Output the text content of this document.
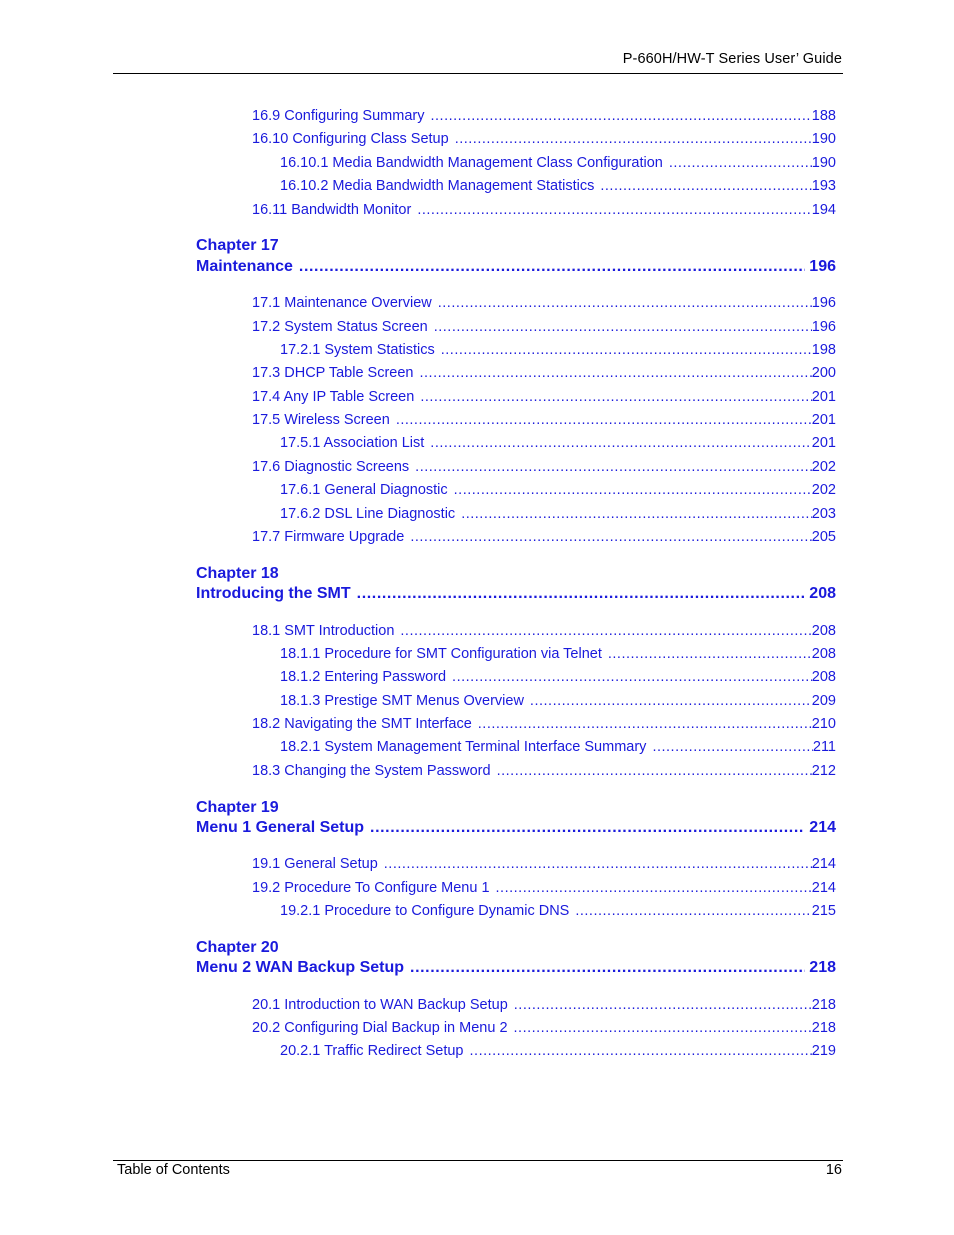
P-660H/HW-T Series User’ Guide
16.9 Configuring Summary .....	188
16.10 Configuring Class Setup .....	190
16.10.1 Media Bandwidth Management Class Configuration .....	190
16.10.2 Media Bandwidth Management Statistics .....	193
16.11 Bandwidth Monitor .....	194
Chapter 17
Maintenance .....	196
17.1 Maintenance Overview .....	196
17.2 System Status Screen .....	196
17.2.1 System Statistics .....	198
17.3 DHCP Table Screen .....	200
17.4 Any IP Table Screen .....	201
17.5 Wireless Screen .....	201
17.5.1 Association List .....	201
17.6 Diagnostic Screens .....	202
17.6.1 General Diagnostic .....	202
17.6.2 DSL Line Diagnostic .....	203
17.7 Firmware Upgrade .....	205
Chapter 18
Introducing the SMT .....	208
18.1 SMT Introduction .....	208
18.1.1 Procedure for SMT Configuration via Telnet .....	208
18.1.2 Entering Password .....	208
18.1.3 Prestige SMT Menus Overview .....	209
18.2 Navigating the SMT Interface .....	210
18.2.1 System Management Terminal Interface Summary .....	211
18.3 Changing the System Password .....	212
Chapter 19
Menu 1 General Setup .....	214
19.1 General Setup .....	214
19.2 Procedure To Configure Menu 1 .....	214
19.2.1 Procedure to Configure Dynamic DNS .....	215
Chapter 20
Menu 2 WAN Backup Setup .....	218
20.1 Introduction to WAN Backup Setup .....	218
20.2 Configuring Dial Backup in Menu 2 .....	218
20.2.1 Traffic Redirect Setup .....	219
Table of Contents	16
